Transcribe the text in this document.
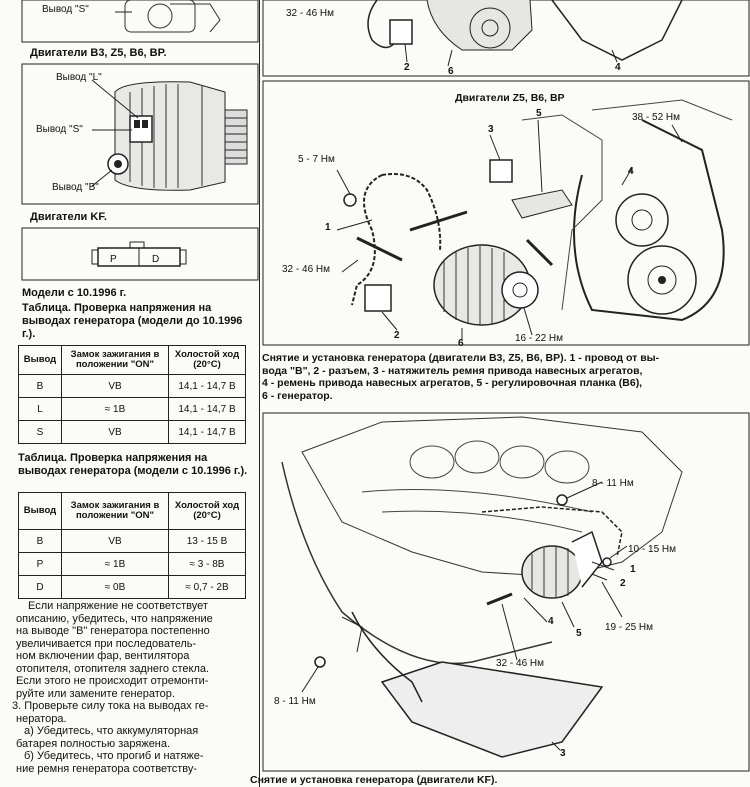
Вывод "S"
Двигатели B3, Z5, B6, BP.
Вывод "L"
Вывод "S"
Вывод "B"
Двигатели KF.
P	D
Модели с 10.1996 г.
Таблица. Проверка напряжения на выводах генератора (модели до 10.1996 г.).
Вывод	Замок зажигания в положении "ON"	Холостой ход (20°C)
B	VB	14,1 - 14,7 В
L	≈ 1В	14,1 - 14,7 В
S	VB	14,1 - 14,7 В
Таблица. Проверка напряжения на выводах генератора (модели с 10.1996 г.).
Вывод	Замок зажигания в положении "ON"	Холостой ход (20°C)
B	VB	13 - 15 В
P	≈ 1В	≈ 3 - 8В
D	≈ 0В	≈ 0,7 - 2В
Если напряжение не соответствует
описанию, убедитесь, что напряжение
на выводе "B" генератора постепенно
увеличивается при последователь-
ном включении фар, вентилятора
отопителя, отопителя заднего стекла.
Если этого не происходит отремонти-
руйте или замените генератор.
3. Проверьте силу тока на выводах ге-
нератора.
а) Убедитесь, что аккумуляторная
батарея полностью заряжена.
б) Убедитесь, что прогиб и натяже-
ние ремня генератора соответству-
32 - 46 Нм
2	6	4
Двигатели Z5, B6, BP
3
5	38 - 52 Нм
5 - 7 Нм
1
4
32 - 46 Нм
6
2	16 - 22 Нм
Снятие и установка генератора (двигатели B3, Z5, B6, BP). 1 - провод от вы-
вода "B", 2 - разъем, 3 - натяжитель ремня привода навесных агрегатов,
4 - ремень привода навесных агрегатов, 5 - регулировочная планка (B6),
6 - генератор.
8 - 11 Нм
10 - 15 Нм
1
2
4
5
19 - 25 Нм
32 - 46 Нм
8 - 11 Нм
3
Снятие и установка генератора (двигатели KF).
